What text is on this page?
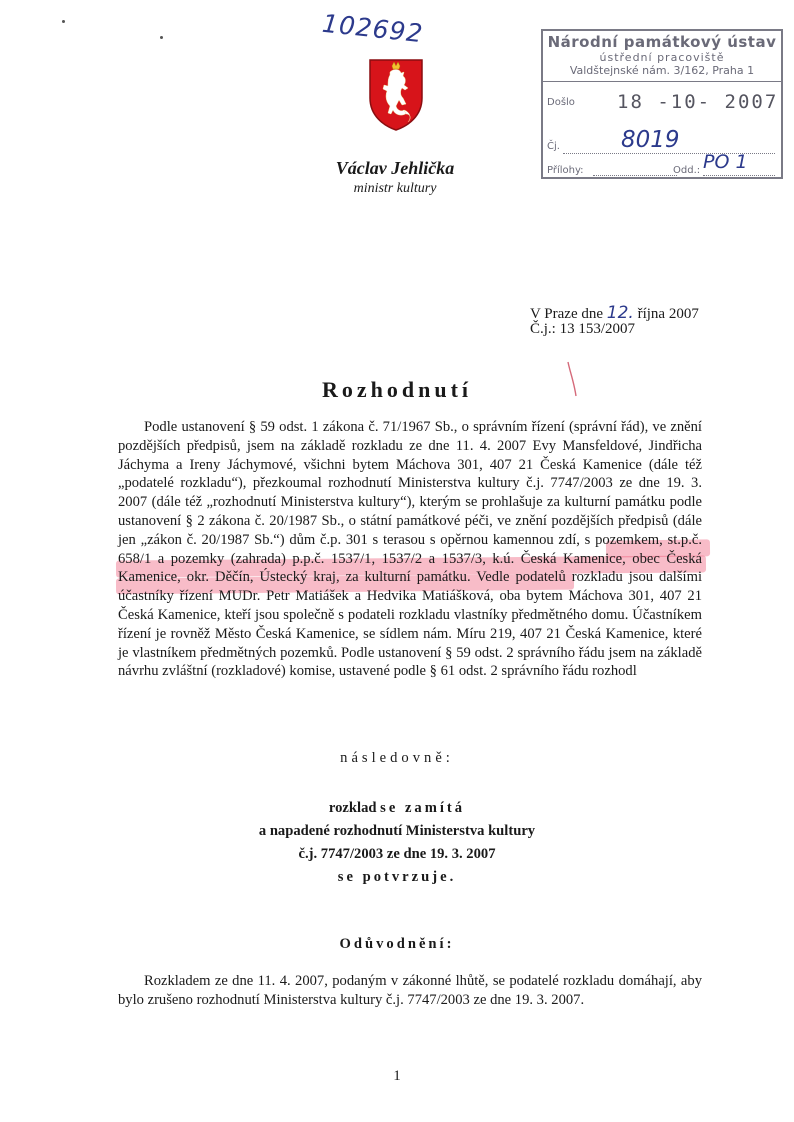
102692
Václav Jehlička
ministr kultury
Národní památkový ústav
ústřední pracoviště
Valdštejnské nám. 3/162, Praha 1
Došlo 18 -10- 2007
Čj.	8019
Přílohy:	Odd.: PO 1
V Praze dne 12. října 2007
Č.j.: 13 153/2007
Rozhodnutí

Podle ustanovení § 59 odst. 1 zákona č. 71/1967 Sb., o správním řízení (správní řád), ve znění pozdějších předpisů, jsem na základě rozkladu ze dne 11. 4. 2007 Evy Mansfeldové, Jindřicha Jáchyma a Ireny Jáchymové, všichni bytem Máchova 301, 407 21 Česká Kamenice (dále též „podatelé rozkladu“), přezkoumal rozhodnutí Ministerstva kultury č.j. 7747/2003 ze dne 19. 3. 2007 (dále též „rozhodnutí Ministerstva kultury“), kterým se prohlašuje za kulturní památku podle ustanovení § 2 zákona č. 20/1987 Sb., o státní památkové péči, ve znění pozdějších předpisů (dále jen „zákon č. 20/1987 Sb.“) dům č.p. 301 s terasou s opěrnou kamennou zdí, s pozemkem, st.p.č. 658/1 a pozemky (zahrada) p.p.č. 1537/1, 1537/2 a 1537/3, k.ú. Česká Kamenice, obec Česká Kamenice, okr. Děčín, Ústecký kraj, za kulturní památku. Vedle podatelů rozkladu jsou dalšími účastníky řízení MUDr. Petr Matiášek a Hedvika Matiášková, oba bytem Máchova 301, 407 21 Česká Kamenice, kteří jsou společně s podateli rozkladu vlastníky předmětného domu. Účastníkem řízení je rovněž Město Česká Kamenice, se sídlem nám. Míru 219, 407 21 Česká Kamenice, které je vlastníkem předmětných pozemků. Podle ustanovení § 59 odst. 2 správního řádu jsem na základě návrhu zvláštní (rozkladové) komise, ustavené podle § 61 odst. 2 správního řádu rozhodl

následovně:
rozklad se zamítá
a napadené rozhodnutí Ministerstva kultury
č.j. 7747/2003 ze dne 19. 3. 2007
se potvrzuje.
Odůvodnění:

Rozkladem ze dne 11. 4. 2007, podaným v zákonné lhůtě, se podatelé rozkladu domáhají, aby bylo zrušeno rozhodnutí Ministerstva kultury č.j. 7747/2003 ze dne 19. 3. 2007.

1
